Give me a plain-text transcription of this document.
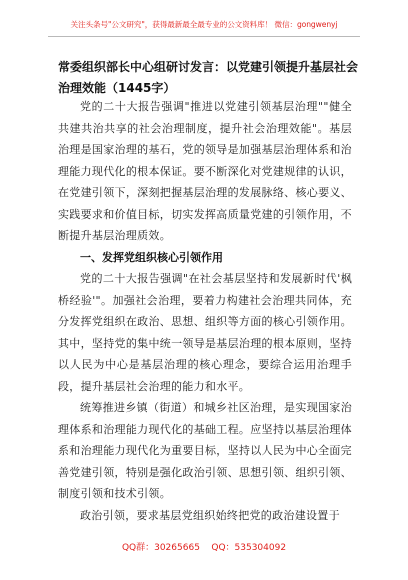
关注头条号"公文研究"，获得最新最全最专业的公文资料库！ 微信：gongwenyj
常委组织部长中心组研讨发言：以党建引领提升基层社会治理效能（1445字）

党的二十大报告强调"推进以党建引领基层治理""健全共建共治共享的社会治理制度，提升社会治理效能"。基层治理是国家治理的基石，党的领导是加强基层治理体系和治理能力现代化的根本保证。要不断深化对党建规律的认识，在党建引领下，深刻把握基层治理的发展脉络、核心要义、实践要求和价值目标，切实发挥高质量党建的引领作用，不断提升基层治理质效。

一、发挥党组织核心引领作用

党的二十大报告强调"在社会基层坚持和发展新时代'枫桥经验'"。加强社会治理，要着力构建社会治理共同体，充分发挥党组织在政治、思想、组织等方面的核心引领作用。其中，坚持党的集中统一领导是基层治理的根本原则，坚持以人民为中心是基层治理的核心理念，要综合运用治理手段，提升基层社会治理的能力和水平。

统筹推进乡镇（街道）和城乡社区治理，是实现国家治理体系和治理能力现代化的基础工程。应坚持以基层治理体系和治理能力现代化为重要目标，坚持以人民为中心全面完善党建引领，特别是强化政治引领、思想引领、组织引领、制度引领和技术引领。

政治引领，要求基层党组织始终把党的政治建设置于

QQ群：30265665    QQ：535304092
